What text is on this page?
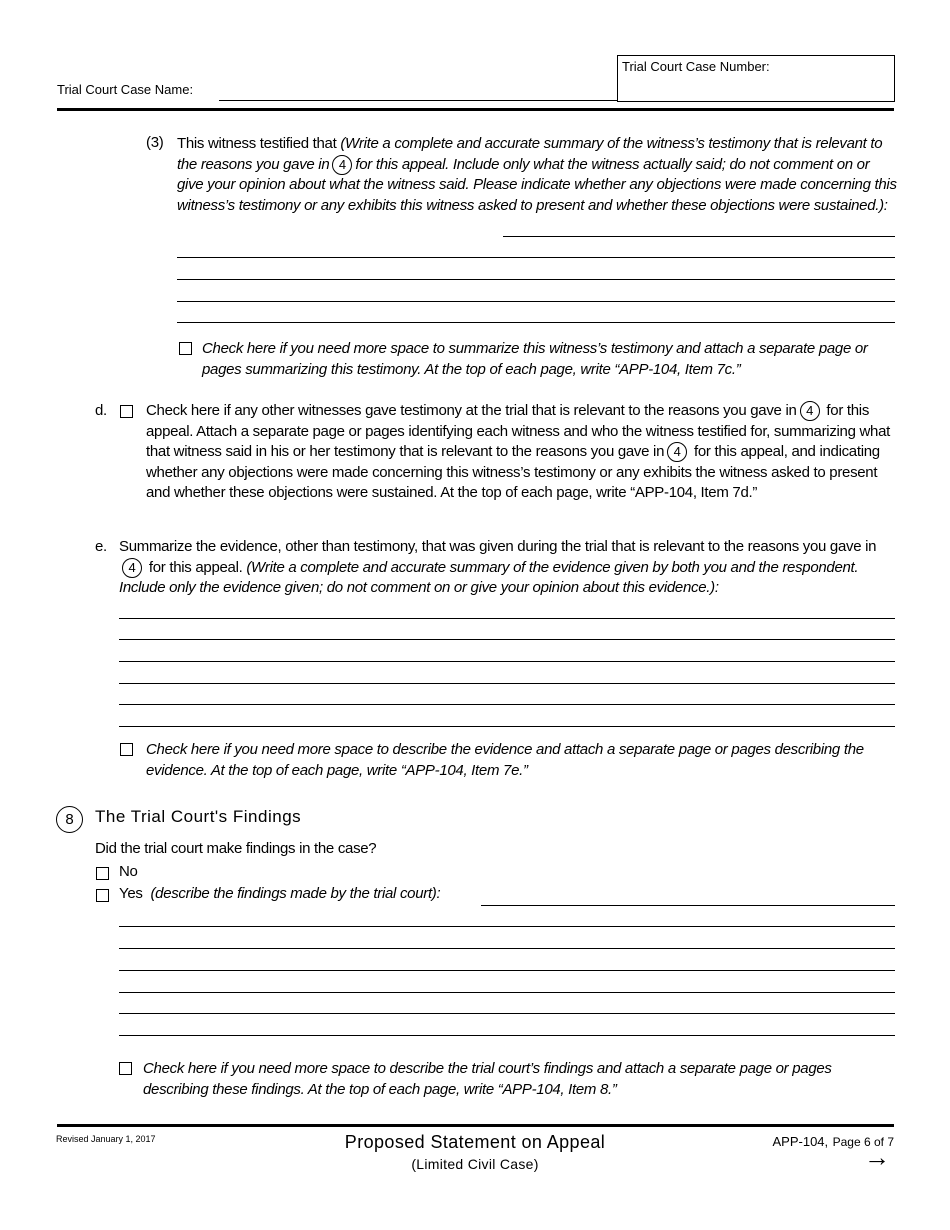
Trial Court Case Name:
Trial Court Case Number:
(3) This witness testified that (Write a complete and accurate summary of the witness’s testimony that is relevant to the reasons you gave in 4 for this appeal. Include only what the witness actually said; do not comment on or give your opinion about what the witness said. Please indicate whether any objections were made concerning this witness’s testimony or any exhibits this witness asked to present and whether these objections were sustained.):
Check here if you need more space to summarize this witness’s testimony and attach a separate page or pages summarizing this testimony. At the top of each page, write “APP-104, Item 7c.”
d.	Check here if any other witnesses gave testimony at the trial that is relevant to the reasons you gave in 4 for this appeal. Attach a separate page or pages identifying each witness and who the witness testified for, summarizing what that witness said in his or her testimony that is relevant to the reasons you gave in 4 for this appeal, and indicating whether any objections were made concerning this witness’s testimony or any exhibits the witness asked to present and whether these objections were sustained. At the top of each page, write “APP-104, Item 7d.”
e. Summarize the evidence, other than testimony, that was given during the trial that is relevant to the reasons you gave in4 for this appeal. (Write a complete and accurate summary of the evidence given by both you and the respondent. Include only the evidence given; do not comment on or give your opinion about this evidence.):
Check here if you need more space to describe the evidence and attach a separate page or pages describing the evidence. At the top of each page, write “APP-104, Item 7e.”
8	The Trial Court's Findings
Did the trial court make findings in the case?
No
Yes (describe the findings made by the trial court):
Check here if you need more space to describe the trial court’s findings and attach a separate page or pages describing these findings. At the top of each page, write “APP-104, Item 8.”
Revised January 1, 2017	Proposed Statement on Appeal
(Limited Civil Case)
APP-104, Page 6 of 7
→
